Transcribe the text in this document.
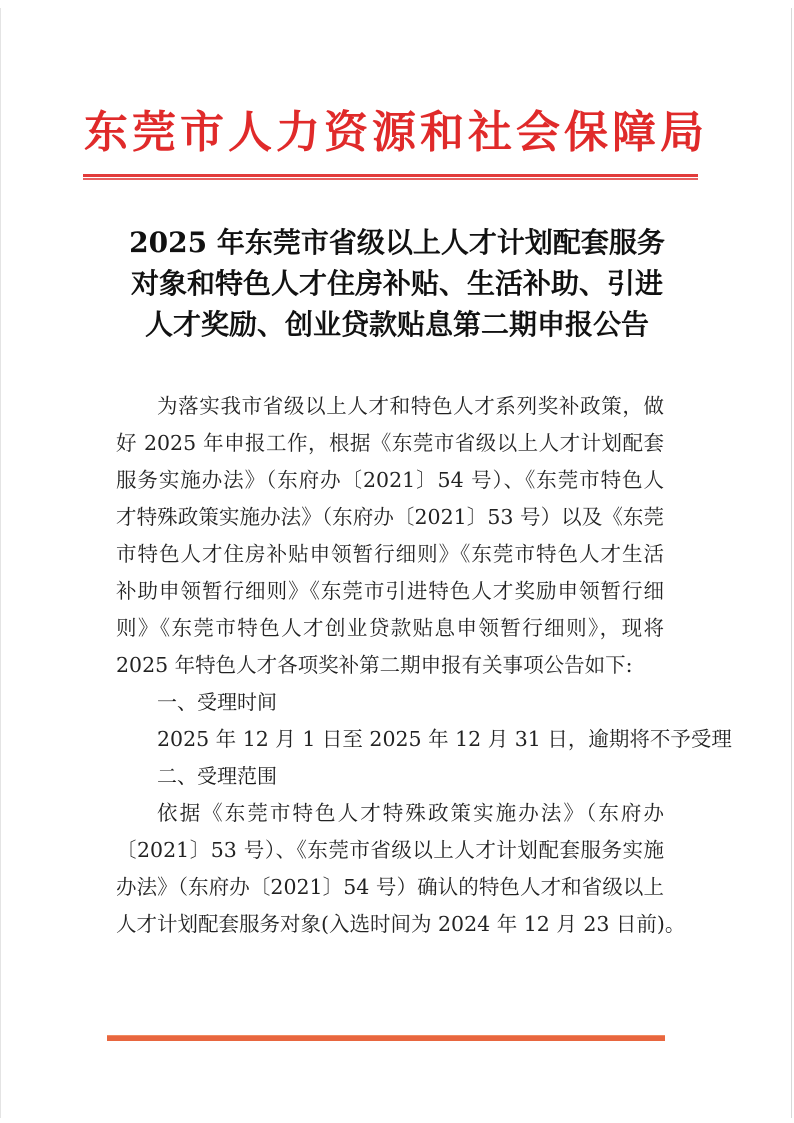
东莞市人力资源和社会保障局
2025 年东莞市省级以上人才计划配套服务
对象和特色人才住房补贴、生活补助、引进
人才奖励、创业贷款贴息第二期申报公告
为落实我市省级以上人才和特色人才系列奖补政策，做
好 2025 年申报工作，根据《东莞市省级以上人才计划配套
服务实施办法》（东府办〔2021〕54 号）、《东莞市特色人
才特殊政策实施办法》（东府办〔2021〕53 号）以及《东莞
市特色人才住房补贴申领暂行细则》《东莞市特色人才生活
补助申领暂行细则》《东莞市引进特色人才奖励申领暂行细
则》《东莞市特色人才创业贷款贴息申领暂行细则》，现将
2025 年特色人才各项奖补第二期申报有关事项公告如下:
一、受理时间
2025 年 12 月 1 日至 2025 年 12 月 31 日，逾期将不予受理
二、受理范围
依据《东莞市特色人才特殊政策实施办法》（东府办
〔2021〕53 号）、《东莞市省级以上人才计划配套服务实施
办法》（东府办〔2021〕54 号）确认的特色人才和省级以上
人才计划配套服务对象(入选时间为 2024 年 12 月 23 日前)。
